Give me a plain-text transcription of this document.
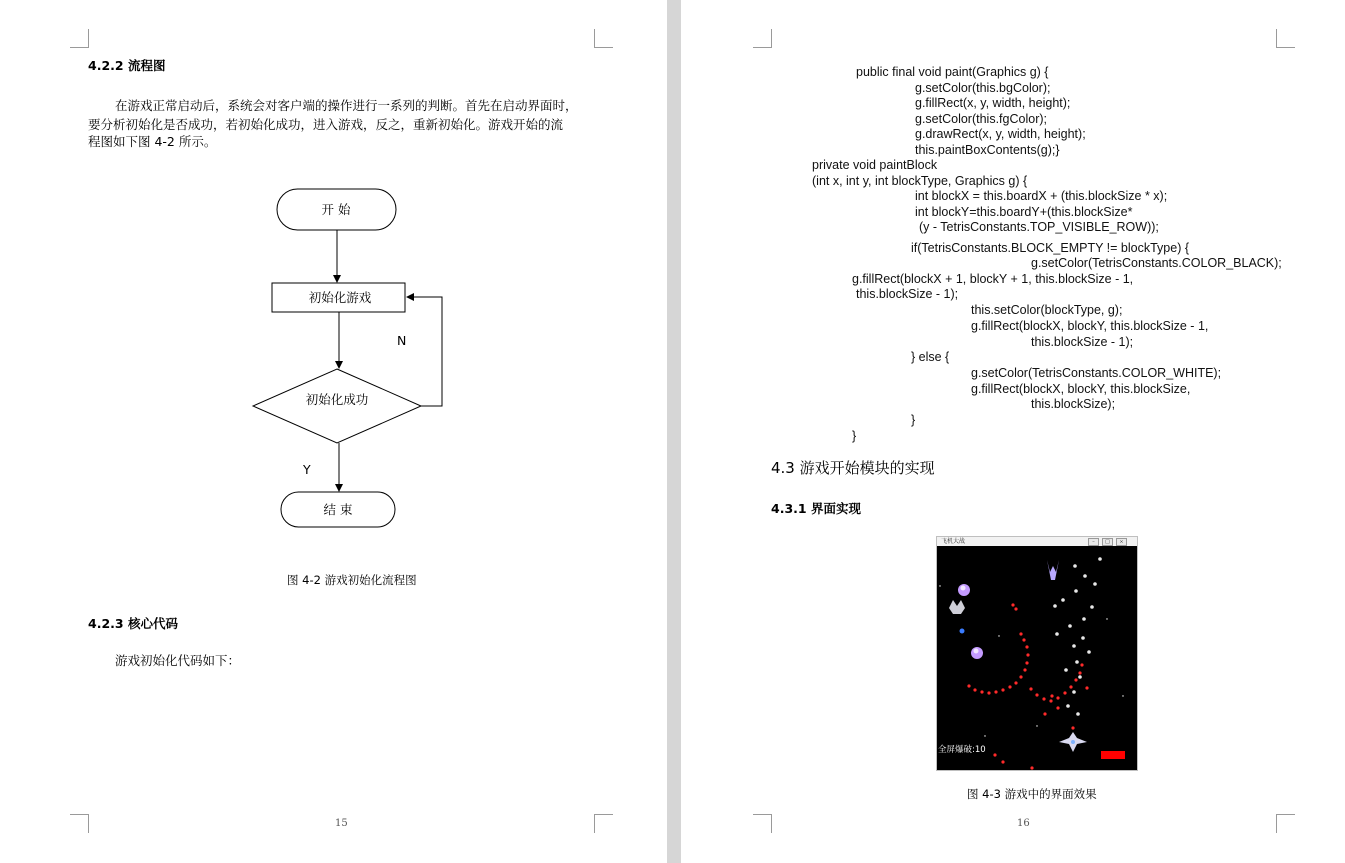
4.2.2 流程图
在游戏正常启动后，系统会对客户端的操作进行一系列的判断。首先在启动界面时，
要分析初始化是否成功，若初始化成功，进入游戏，反之，重新初始化。游戏开始的流
程图如下图 4-2 所示。
开 始
初始化游戏
初始化成功
N
Y
结 束
图 4-2 游戏初始化流程图
4.2.3 核心代码
游戏初始化代码如下：
15
public final void paint(Graphics g) {
g.setColor(this.bgColor);
g.fillRect(x, y, width, height);
g.setColor(this.fgColor);
g.drawRect(x, y, width, height);
this.paintBoxContents(g);}
private void paintBlock
(int x, int y, int blockType, Graphics g) {
int blockX = this.boardX + (this.blockSize * x);
int blockY=this.boardY+(this.blockSize*
(y - TetrisConstants.TOP_VISIBLE_ROW));
if(TetrisConstants.BLOCK_EMPTY != blockType) {
g.setColor(TetrisConstants.COLOR_BLACK);
g.fillRect(blockX + 1, blockY + 1, this.blockSize - 1,
this.blockSize - 1);
this.setColor(blockType, g);
g.fillRect(blockX, blockY, this.blockSize - 1,
this.blockSize - 1);
} else {
g.setColor(TetrisConstants.COLOR_WHITE);
g.fillRect(blockX, blockY, this.blockSize,
this.blockSize);
}
}
4.3 游戏开始模块的实现
4.3.1 界面实现
飞机大战	–	□	×
全屏爆破:10
图 4-3 游戏中的界面效果
16
